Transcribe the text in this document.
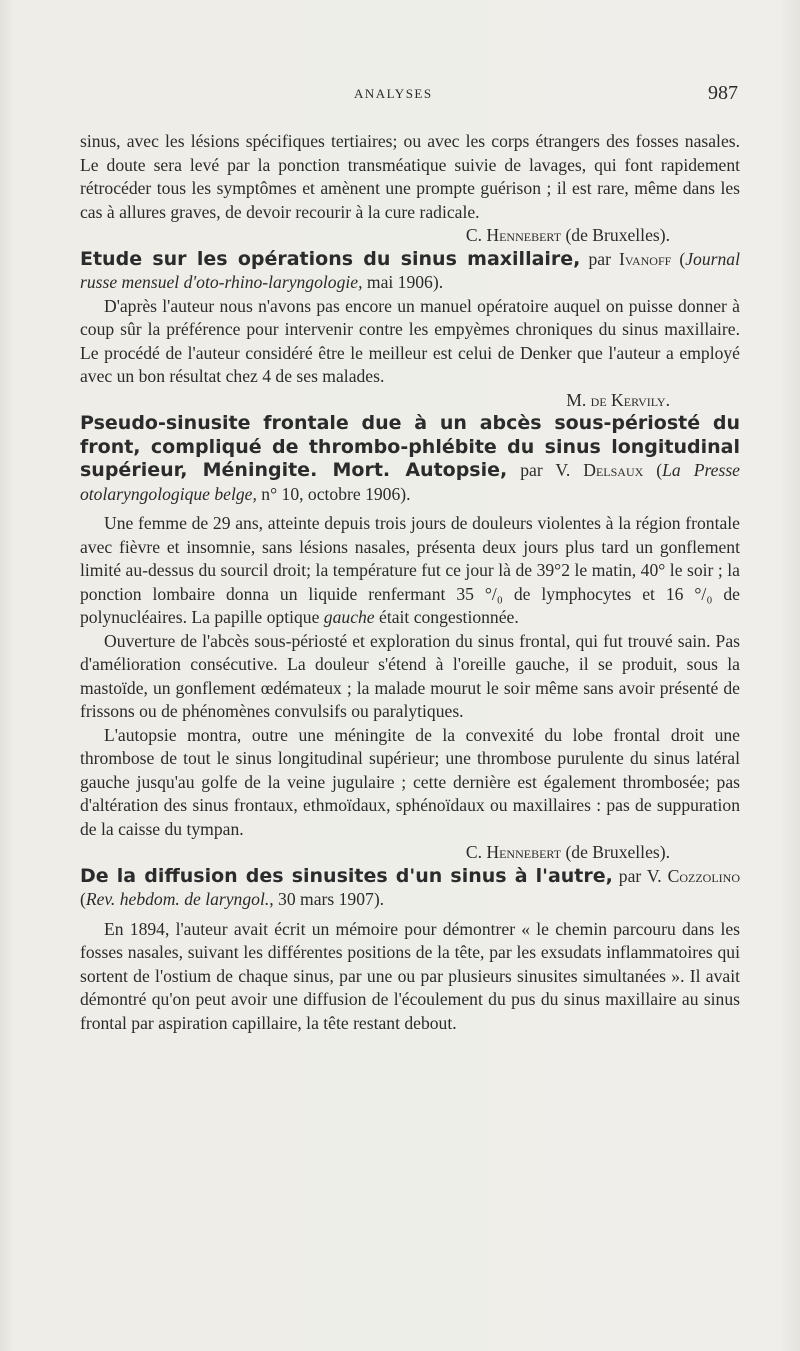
ANALYSES	987

sinus, avec les lésions spécifiques tertiaires; ou avec les corps étrangers des fosses nasales. Le doute sera levé par la ponction transméatique suivie de lavages, qui font rapidement rétrocéder tous les symptômes et amènent une prompte guérison ; il est rare, même dans les cas à allures graves, de devoir recourir à la cure radicale.

C. Hennebert (de Bruxelles).

Etude sur les opérations du sinus maxillaire, par Ivanoff (Journal russe mensuel d'oto-rhino-laryngologie, mai 1906).

D'après l'auteur nous n'avons pas encore un manuel opératoire auquel on puisse donner à coup sûr la préférence pour intervenir contre les empyèmes chroniques du sinus maxillaire. Le procédé de l'auteur considéré être le meilleur est celui de Denker que l'auteur a employé avec un bon résultat chez 4 de ses malades.

M. de Kervily.

Pseudo-sinusite frontale due à un abcès sous-périosté du front, compliqué de thrombo-phlébite du sinus longitudinal supérieur, Méningite. Mort. Autopsie, par V. Delsaux (La Presse otolaryngologique belge, n° 10, octobre 1906).

Une femme de 29 ans, atteinte depuis trois jours de douleurs violentes à la région frontale avec fièvre et insomnie, sans lésions nasales, présenta deux jours plus tard un gonflement limité au-dessus du sourcil droit; la température fut ce jour là de 39°2 le matin, 40° le soir ; la ponction lombaire donna un liquide renfermant 35 °/₀ de lymphocytes et 16 °/₀ de polynucléaires. La papille optique gauche était congestionnée.

Ouverture de l'abcès sous-périosté et exploration du sinus frontal, qui fut trouvé sain. Pas d'amélioration consécutive. La douleur s'étend à l'oreille gauche, il se produit, sous la mastoïde, un gonflement œdémateux ; la malade mourut le soir même sans avoir présenté de frissons ou de phénomènes convulsifs ou paralytiques.

L'autopsie montra, outre une méningite de la convexité du lobe frontal droit une thrombose de tout le sinus longitudinal supérieur; une thrombose purulente du sinus latéral gauche jusqu'au golfe de la veine jugulaire ; cette dernière est également thrombosée; pas d'altération des sinus frontaux, ethmoïdaux, sphénoïdaux ou maxillaires : pas de suppuration de la caisse du tympan.

C. Hennebert (de Bruxelles).

De la diffusion des sinusites d'un sinus à l'autre, par V. Cozzolino (Rev. hebdom. de laryngol., 30 mars 1907).

En 1894, l'auteur avait écrit un mémoire pour démontrer « le chemin parcouru dans les fosses nasales, suivant les différentes positions de la tête, par les exsudats inflammatoires qui sortent de l'ostium de chaque sinus, par une ou par plusieurs sinusites simultanées ». Il avait démontré qu'on peut avoir une diffusion de l'écoulement du pus du sinus maxillaire au sinus frontal par aspiration capillaire, la tête restant debout.
